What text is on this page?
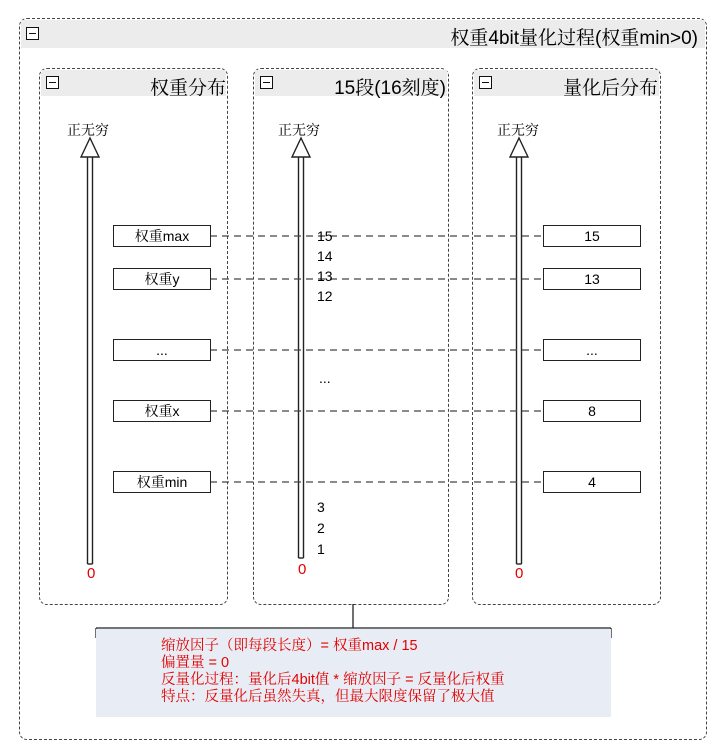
权重4bit量化过程(权重min>0)
权重分布
正无穷
0
15段(16刻度)
正无穷
0
量化后分布
正无穷
0
权重max
权重y
...
权重x
权重min
15
13
...
8
4
15
14
13
12
...
3
2
1
缩放因子（即每段长度）= 权重max / 15
偏置量 = 0
反量化过程：量化后4bit值 * 缩放因子 = 反量化后权重
特点：反量化后虽然失真，但最大限度保留了极大值
